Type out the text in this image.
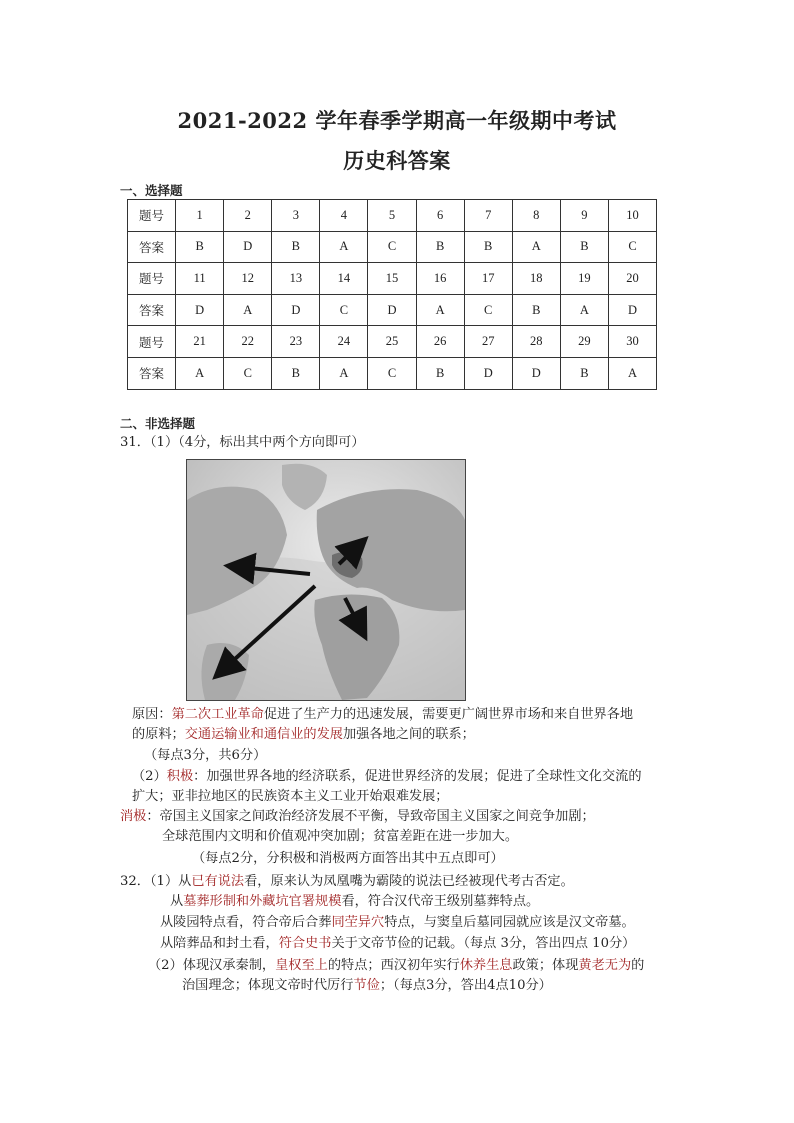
2021-2022 学年春季学期高一年级期中考试
历史科答案
一、选择题
题号	1	2	3	4	5	6	7	8	9	10
答案	B	D	B	A	C	B	B	A	B	C
题号	11	12	13	14	15	16	17	18	19	20
答案	D	A	D	C	D	A	C	B	A	D
题号	21	22	23	24	25	26	27	28	29	30
答案	A	C	B	A	C	B	D	D	B	A
二、非选择题
31．（1）（4分，标出其中两个方向即可）
原因：第二次工业革命促进了生产力的迅速发展，需要更广阔世界市场和来自世界各地
的原料；交通运输业和通信业的发展加强各地之间的联系；
（每点3分，共6分）
（2）积极：加强世界各地的经济联系，促进世界经济的发展；促进了全球性文化交流的
扩大；亚非拉地区的民族资本主义工业开始艰难发展；
消极：帝国主义国家之间政治经济发展不平衡，导致帝国主义国家之间竞争加剧；
全球范围内文明和价值观冲突加剧；贫富差距在进一步加大。
（每点2分，分积极和消极两方面答出其中五点即可）
32．（1）从已有说法看，原来认为凤凰嘴为霸陵的说法已经被现代考古否定。
从墓葬形制和外藏坑官署规模看，符合汉代帝王级别墓葬特点。
从陵园特点看，符合帝后合葬同茔异穴特点，与窦皇后墓同园就应该是汉文帝墓。
从陪葬品和封土看，符合史书关于文帝节俭的记载。（每点 3分，答出四点 10分）
（2）体现汉承秦制，皇权至上的特点；西汉初年实行休养生息政策；体现黄老无为的
治国理念；体现文帝时代厉行节俭；（每点3分，答出4点10分）
